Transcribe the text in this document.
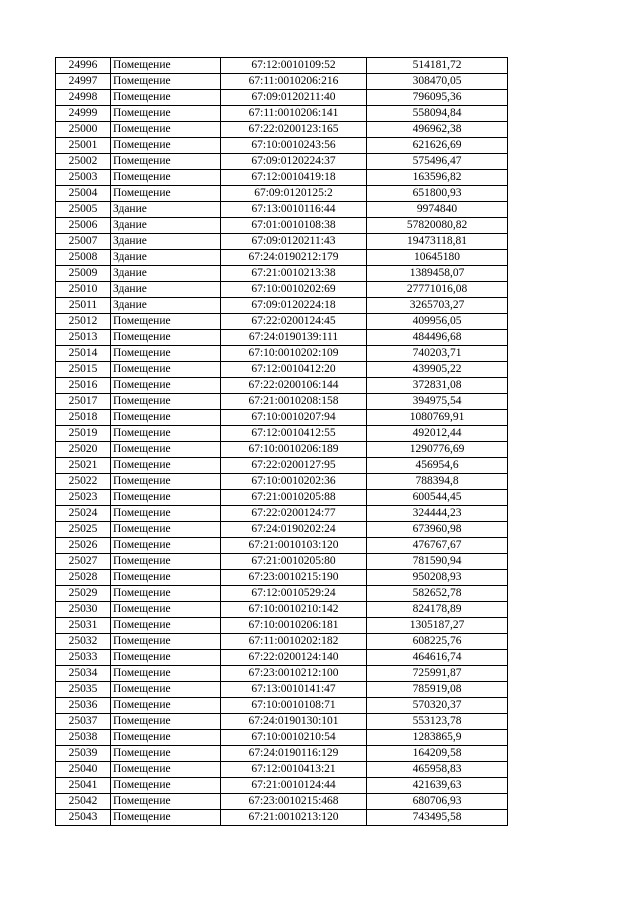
24996	Помещение	67:12:0010109:52	514181,72
24997	Помещение	67:11:0010206:216	308470,05
24998	Помещение	67:09:0120211:40	796095,36
24999	Помещение	67:11:0010206:141	558094,84
25000	Помещение	67:22:0200123:165	496962,38
25001	Помещение	67:10:0010243:56	621626,69
25002	Помещение	67:09:0120224:37	575496,47
25003	Помещение	67:12:0010419:18	163596,82
25004	Помещение	67:09:0120125:2	651800,93
25005	Здание	67:13:0010116:44	9974840
25006	Здание	67:01:0010108:38	57820080,82
25007	Здание	67:09:0120211:43	19473118,81
25008	Здание	67:24:0190212:179	10645180
25009	Здание	67:21:0010213:38	1389458,07
25010	Здание	67:10:0010202:69	27771016,08
25011	Здание	67:09:0120224:18	3265703,27
25012	Помещение	67:22:0200124:45	409956,05
25013	Помещение	67:24:0190139:111	484496,68
25014	Помещение	67:10:0010202:109	740203,71
25015	Помещение	67:12:0010412:20	439905,22
25016	Помещение	67:22:0200106:144	372831,08
25017	Помещение	67:21:0010208:158	394975,54
25018	Помещение	67:10:0010207:94	1080769,91
25019	Помещение	67:12:0010412:55	492012,44
25020	Помещение	67:10:0010206:189	1290776,69
25021	Помещение	67:22:0200127:95	456954,6
25022	Помещение	67:10:0010202:36	788394,8
25023	Помещение	67:21:0010205:88	600544,45
25024	Помещение	67:22:0200124:77	324444,23
25025	Помещение	67:24:0190202:24	673960,98
25026	Помещение	67:21:0010103:120	476767,67
25027	Помещение	67:21:0010205:80	781590,94
25028	Помещение	67:23:0010215:190	950208,93
25029	Помещение	67:12:0010529:24	582652,78
25030	Помещение	67:10:0010210:142	824178,89
25031	Помещение	67:10:0010206:181	1305187,27
25032	Помещение	67:11:0010202:182	608225,76
25033	Помещение	67:22:0200124:140	464616,74
25034	Помещение	67:23:0010212:100	725991,87
25035	Помещение	67:13:0010141:47	785919,08
25036	Помещение	67:10:0010108:71	570320,37
25037	Помещение	67:24:0190130:101	553123,78
25038	Помещение	67:10:0010210:54	1283865,9
25039	Помещение	67:24:0190116:129	164209,58
25040	Помещение	67:12:0010413:21	465958,83
25041	Помещение	67:21:0010124:44	421639,63
25042	Помещение	67:23:0010215:468	680706,93
25043	Помещение	67:21:0010213:120	743495,58
